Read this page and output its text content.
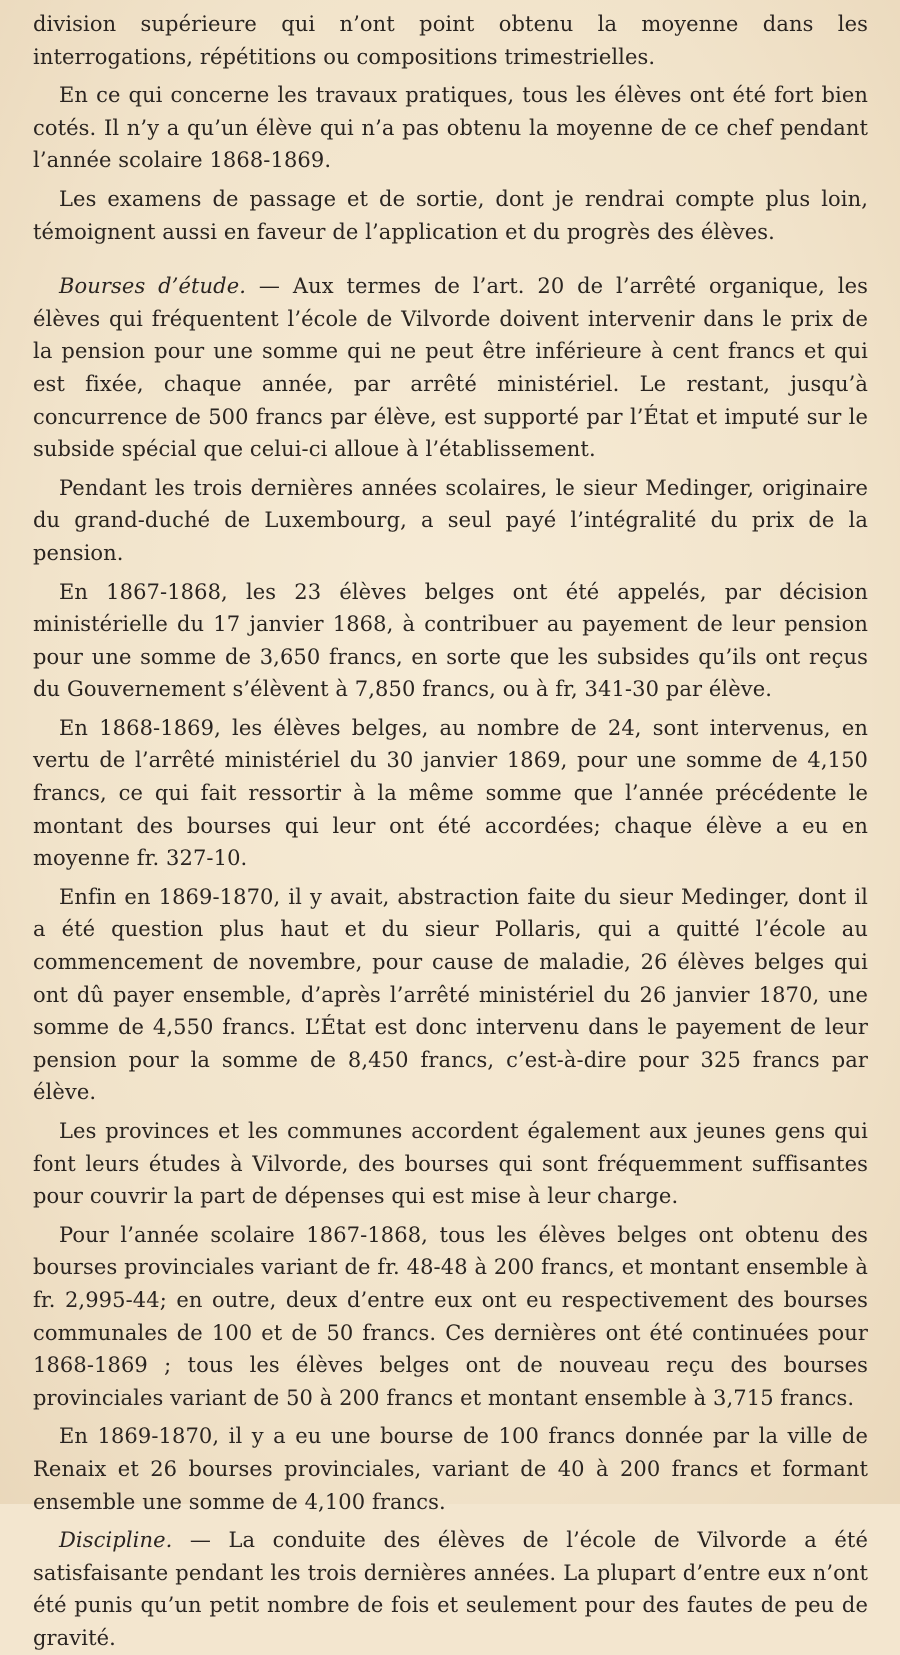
division supérieure qui n’ont point obtenu la moyenne dans les interrogations, répétitions ou compositions trimestrielles.

En ce qui concerne les travaux pratiques, tous les élèves ont été fort bien cotés. Il n’y a qu’un élève qui n’a pas obtenu la moyenne de ce chef pendant l’année scolaire 1868-1869.

Les examens de passage et de sortie, dont je rendrai compte plus loin, témoignent aussi en faveur de l’application et du progrès des élèves.

Bourses d’étude. — Aux termes de l’art. 20 de l’arrêté organique, les élèves qui fréquentent l’école de Vilvorde doivent intervenir dans le prix de la pension pour une somme qui ne peut être inférieure à cent francs et qui est fixée, chaque année, par arrêté ministériel. Le restant, jusqu’à concurrence de 500 francs par élève, est supporté par l’État et imputé sur le subside spécial que celui-ci alloue à l’établissement.

Pendant les trois dernières années scolaires, le sieur Medinger, originaire du grand-duché de Luxembourg, a seul payé l’intégralité du prix de la pension.

En 1867-1868, les 23 élèves belges ont été appelés, par décision ministérielle du 17 janvier 1868, à contribuer au payement de leur pension pour une somme de 3,650 francs, en sorte que les subsides qu’ils ont reçus du Gouvernement s’élèvent à 7,850 francs, ou à fr, 341-30 par élève.

En 1868-1869, les élèves belges, au nombre de 24, sont intervenus, en vertu de l’arrêté ministériel du 30 janvier 1869, pour une somme de 4,150 francs, ce qui fait ressortir à la même somme que l’année précédente le montant des bourses qui leur ont été accordées; chaque élève a eu en moyenne fr. 327-10.

Enfin en 1869-1870, il y avait, abstraction faite du sieur Medinger, dont il a été question plus haut et du sieur Pollaris, qui a quitté l’école au commencement de novembre, pour cause de maladie, 26 élèves belges qui ont dû payer ensemble, d’après l’arrêté ministériel du 26 janvier 1870, une somme de 4,550 francs. L’État est donc intervenu dans le payement de leur pension pour la somme de 8,450 francs, c’est-à-dire pour 325 francs par élève.

Les provinces et les communes accordent également aux jeunes gens qui font leurs études à Vilvorde, des bourses qui sont fréquemment suffisantes pour couvrir la part de dépenses qui est mise à leur charge.

Pour l’année scolaire 1867-1868, tous les élèves belges ont obtenu des bourses provinciales variant de fr. 48-48 à 200 francs, et montant ensemble à fr. 2,995-44; en outre, deux d’entre eux ont eu respectivement des bourses communales de 100 et de 50 francs. Ces dernières ont été continuées pour 1868-1869 ; tous les élèves belges ont de nouveau reçu des bourses provinciales variant de 50 à 200 francs et montant ensemble à 3,715 francs.

En 1869-1870, il y a eu une bourse de 100 francs donnée par la ville de Renaix et 26 bourses provinciales, variant de 40 à 200 francs et formant ensemble une somme de 4,100 francs.

Discipline. — La conduite des élèves de l’école de Vilvorde a été satisfaisante pendant les trois dernières années. La plupart d’entre eux n’ont été punis qu’un petit nombre de fois et seulement pour des fautes de peu de gravité.
